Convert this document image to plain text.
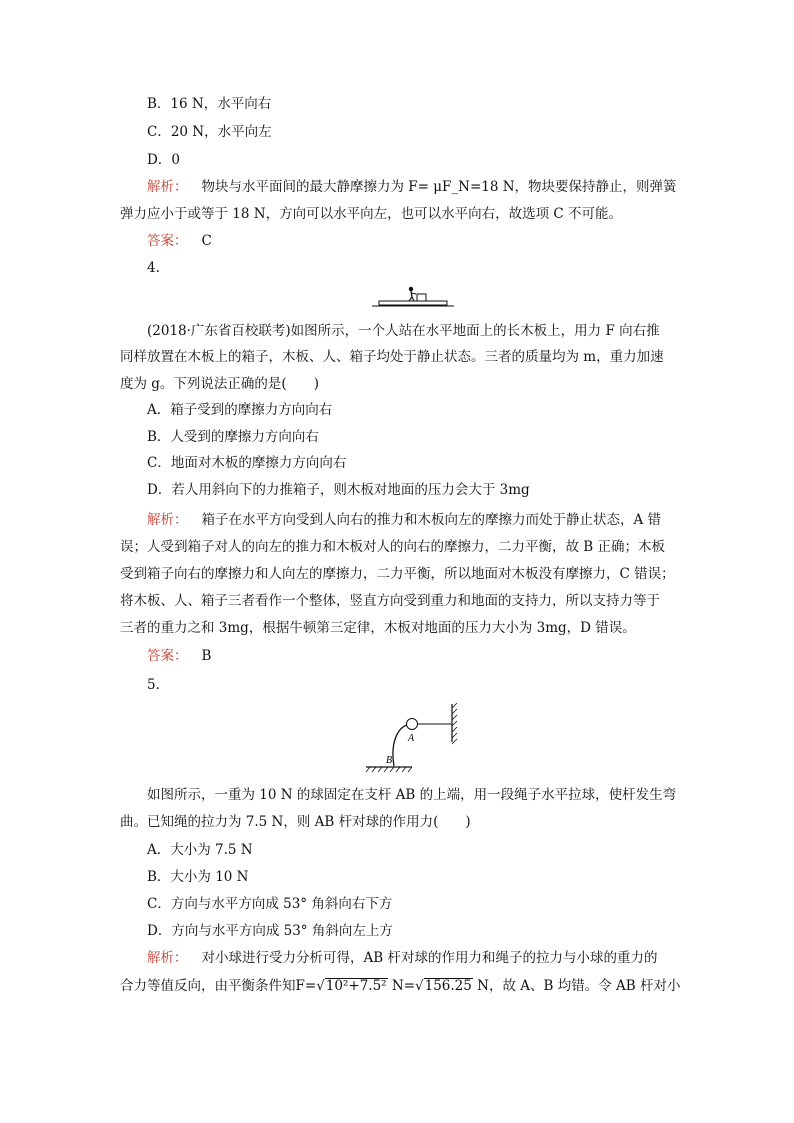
B．16 N，水平向右
C．20 N，水平向左
D．0
解析： 物块与水平面间的最大静摩擦力为 F= μF_N=18 N，物块要保持静止，则弹簧
弹力应小于或等于 18 N，方向可以水平向左，也可以水平向右，故选项 C 不可能。
答案： C
4.
(2018·广东省百校联考)如图所示，一个人站在水平地面上的长木板上，用力 F 向右推
同样放置在木板上的箱子，木板、人、箱子均处于静止状态。三者的质量均为 m，重力加速
度为 g。下列说法正确的是(　　)
A．箱子受到的摩擦力方向向右
B．人受到的摩擦力方向向右
C．地面对木板的摩擦力方向向右
D．若人用斜向下的力推箱子，则木板对地面的压力会大于 3mg
解析： 箱子在水平方向受到人向右的推力和木板向左的摩擦力而处于静止状态，A 错
误；人受到箱子对人的向左的推力和木板对人的向右的摩擦力，二力平衡，故 B 正确；木板
受到箱子向右的摩擦力和人向左的摩擦力，二力平衡，所以地面对木板没有摩擦力，C 错误；
将木板、人、箱子三者看作一个整体，竖直方向受到重力和地面的支持力，所以支持力等于
三者的重力之和 3mg，根据牛顿第三定律，木板对地面的压力大小为 3mg，D 错误。
答案： B
5.
A
B
如图所示，一重为 10 N 的球固定在支杆 AB 的上端，用一段绳子水平拉球，使杆发生弯
曲。已知绳的拉力为 7.5 N，则 AB 杆对球的作用力(　　)
A．大小为 7.5 N
B．大小为 10 N
C．方向与水平方向成 53° 角斜向右下方
D．方向与水平方向成 53° 角斜向左上方
解析： 对小球进行受力分析可得，AB 杆对球的作用力和绳子的拉力与小球的重力的
合力等值反向，由平衡条件知F=√10²+7.5² N=√156.25 N，故 A、B 均错。令 AB 杆对小
